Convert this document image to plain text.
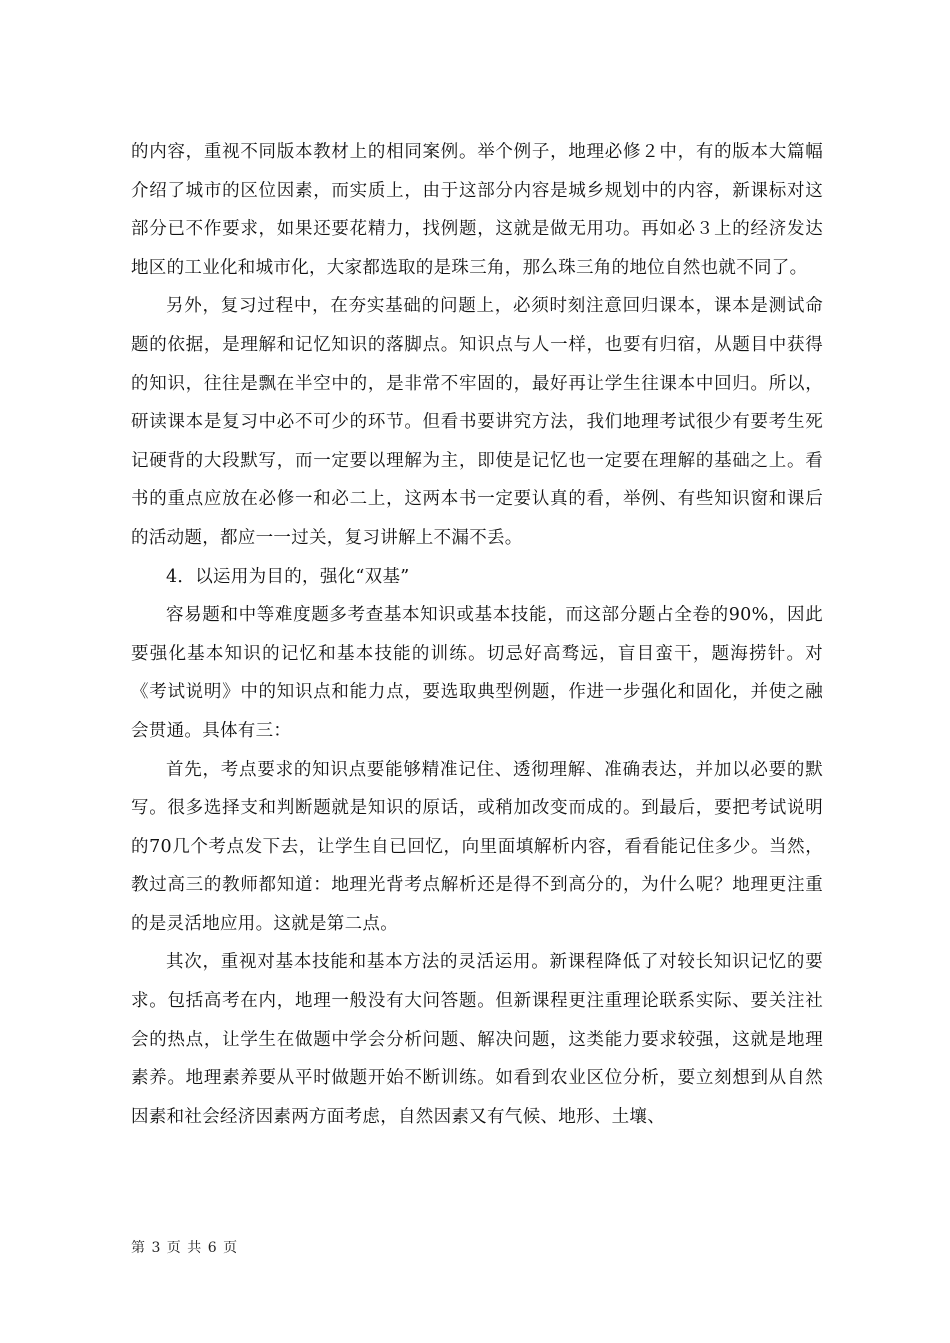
的内容，重视不同版本教材上的相同案例。举个例子，地理必修２中，有的版本大篇幅介绍了城市的区位因素，而实质上，由于这部分内容是城乡规划中的内容，新课标对这部分已不作要求，如果还要花精力，找例题，这就是做无用功。再如必３上的经济发达地区的工业化和城市化，大家都选取的是珠三角，那么珠三角的地位自然也就不同了。

另外，复习过程中，在夯实基础的问题上，必须时刻注意回归课本，课本是测试命题的依据，是理解和记忆知识的落脚点。知识点与人一样，也要有归宿，从题目中获得的知识，往往是飘在半空中的，是非常不牢固的，最好再让学生往课本中回归。所以，研读课本是复习中必不可少的环节。但看书要讲究方法，我们地理考试很少有要考生死记硬背的大段默写，而一定要以理解为主，即使是记忆也一定要在理解的基础之上。看书的重点应放在必修一和必二上，这两本书一定要认真的看，举例、有些知识窗和课后的活动题，都应一一过关，复习讲解上不漏不丢。

4．以运用为目的，强化“双基”

容易题和中等难度题多考查基本知识或基本技能，而这部分题占全卷的90%，因此要强化基本知识的记忆和基本技能的训练。切忌好高骛远，盲目蛮干，题海捞针。对《考试说明》中的知识点和能力点，要选取典型例题，作进一步强化和固化，并使之融会贯通。具体有三：

首先，考点要求的知识点要能够精准记住、透彻理解、准确表达，并加以必要的默写。很多选择支和判断题就是知识的原话，或稍加改变而成的。到最后，要把考试说明的70几个考点发下去，让学生自已回忆，向里面填解析内容，看看能记住多少。当然，教过高三的教师都知道：地理光背考点解析还是得不到高分的，为什么呢？地理更注重的是灵活地应用。这就是第二点。

其次，重视对基本技能和基本方法的灵活运用。新课程降低了对较长知识记忆的要求。包括高考在内，地理一般没有大问答题。但新课程更注重理论联系实际、要关注社会的热点，让学生在做题中学会分析问题、解决问题，这类能力要求较强，这就是地理素养。地理素养要从平时做题开始不断训练。如看到农业区位分析，要立刻想到从自然因素和社会经济因素两方面考虑，自然因素又有气候、地形、土壤、

第 3 页 共 6 页
